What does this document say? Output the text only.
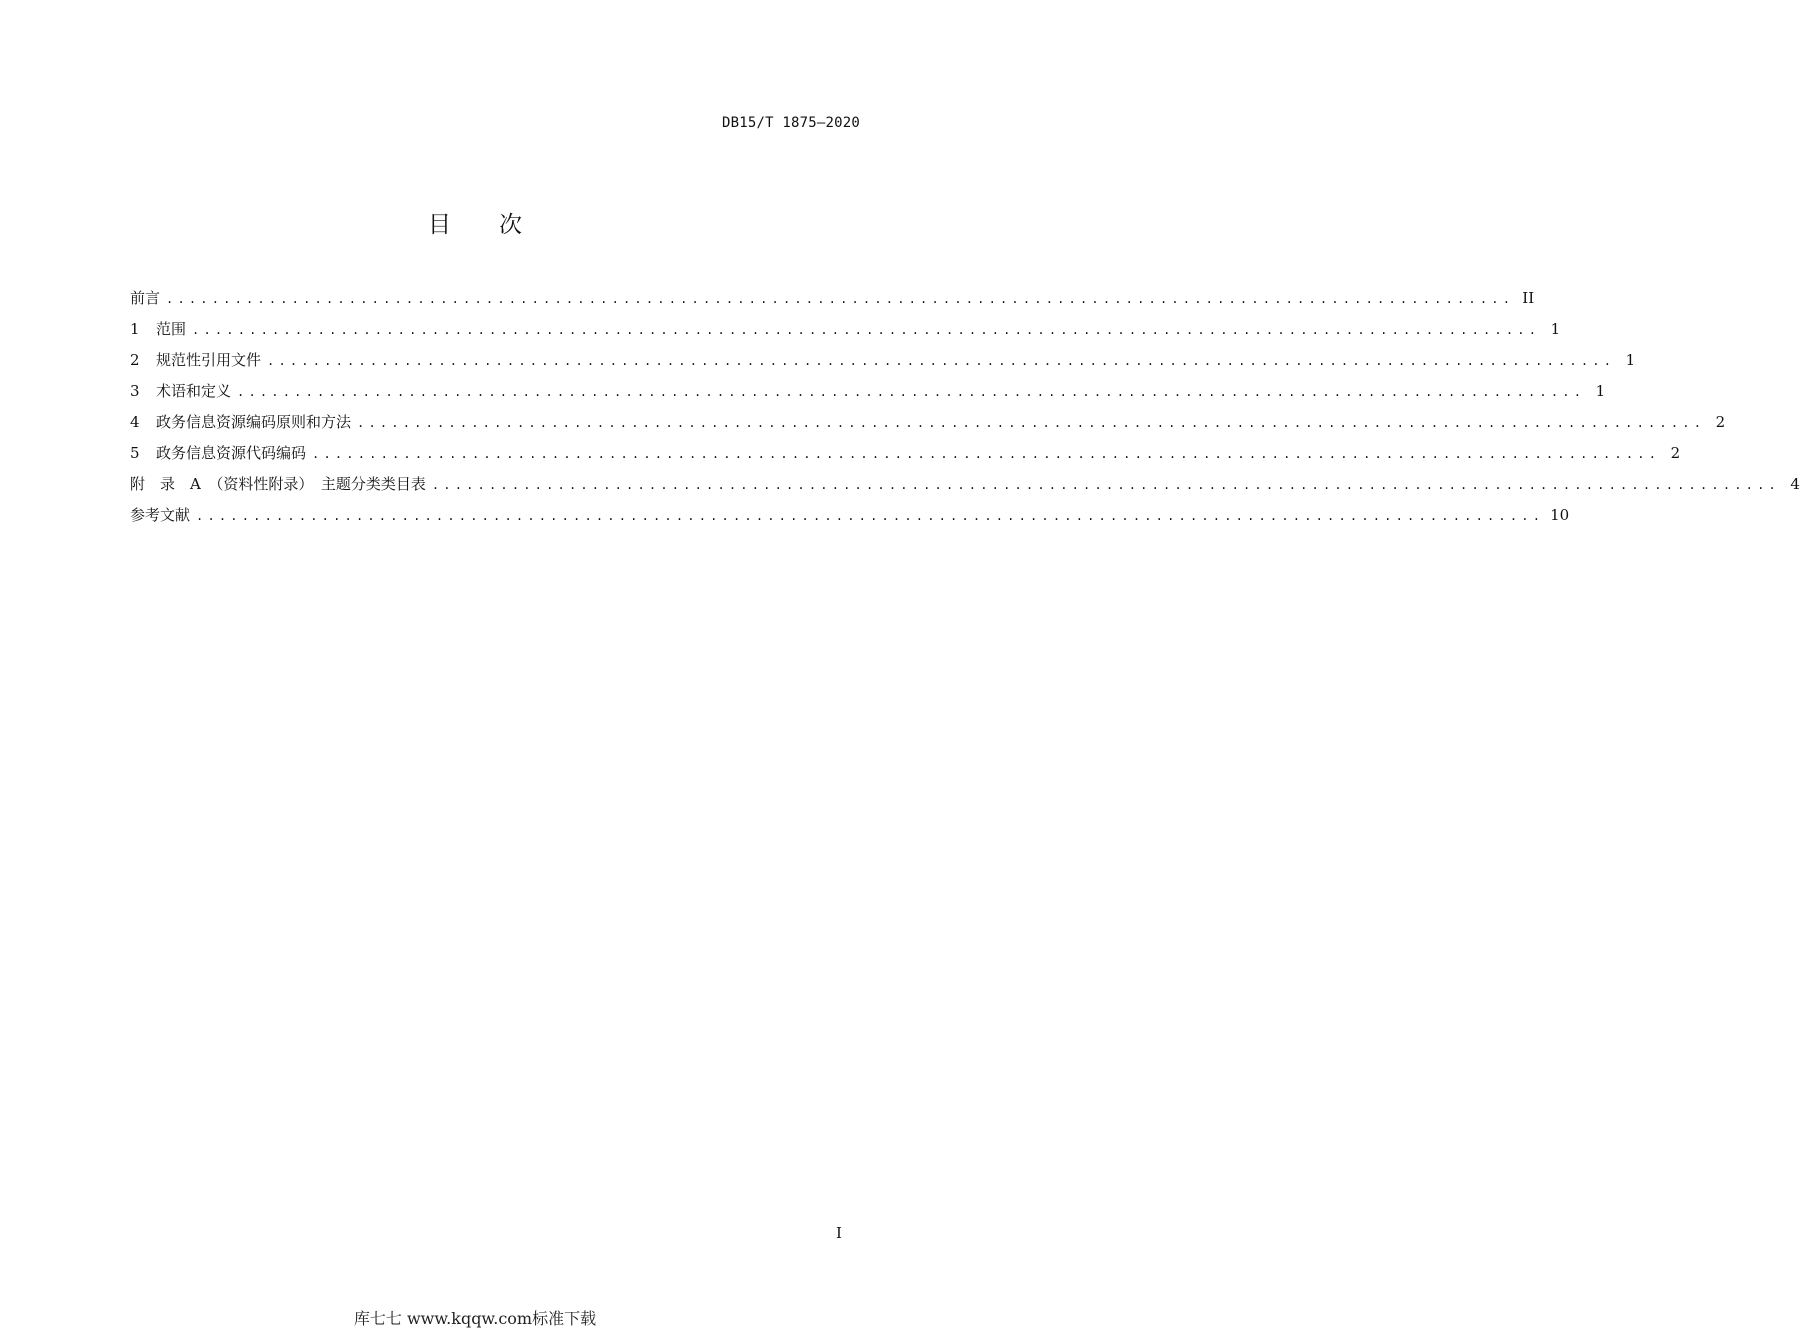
DB15/T 1875—2020
目 次
前言 ...................................................................................................................... II
1	范围 ...................................................................................................................... 1
2	规范性引用文件 ...................................................................................................................... 1
3	术语和定义 ...................................................................................................................... 1
4	政务信息资源编码原则和方法 ...................................................................................................................... 2
5	政务信息资源代码编码 ...................................................................................................................... 2
附　录　A　（资料性附录）　主题分类类目表 ...................................................................................................................... 4
参考文献 ...................................................................................................................... 10
I
库七七 www.kqqw.com标准下载
